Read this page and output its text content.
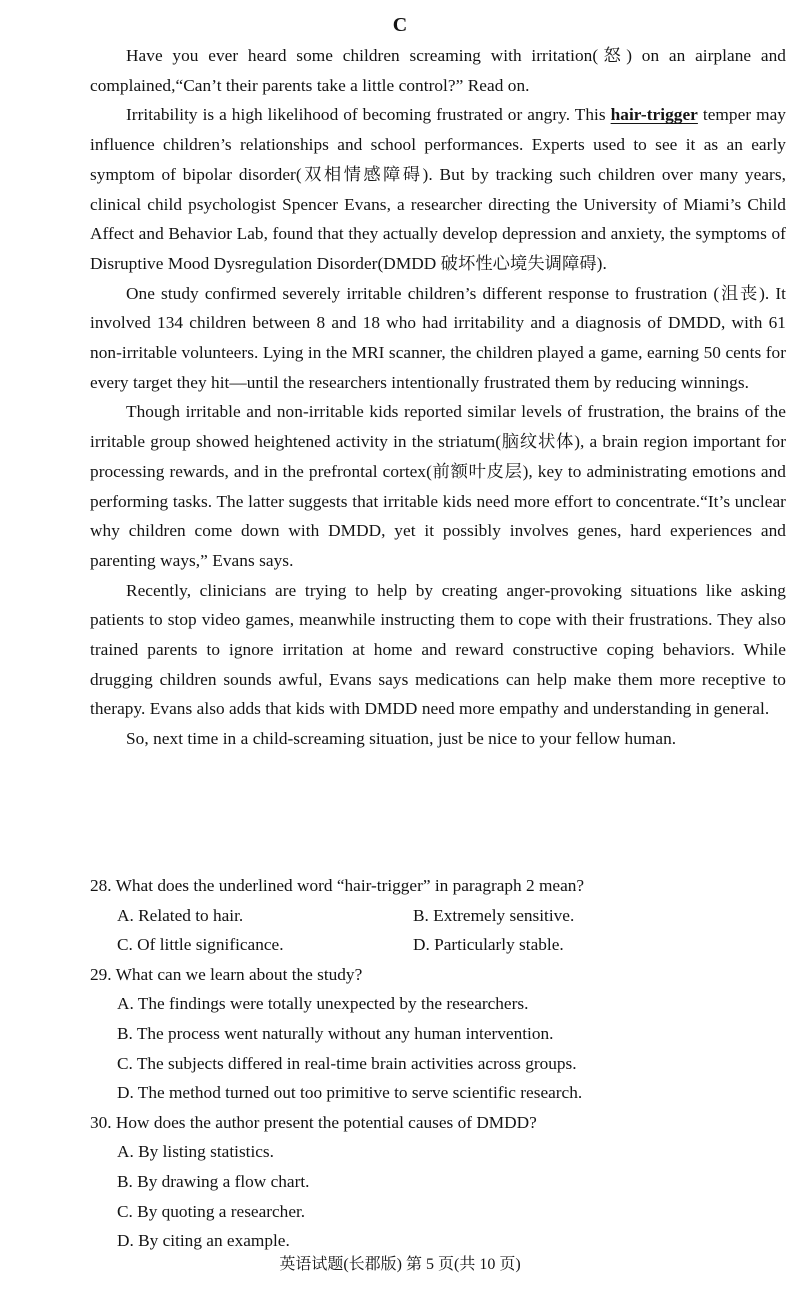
C

Have you ever heard some children screaming with irritation(怒) on an airplane and complained,“Can’t their parents take a little control?” Read on.

Irritability is a high likelihood of becoming frustrated or angry. This hair-trigger temper may influence children’s relationships and school performances. Experts used to see it as an early symptom of bipolar disorder(双相情感障碍). But by tracking such children over many years, clinical child psychologist Spencer Evans, a researcher directing the University of Miami’s Child Affect and Behavior Lab, found that they actually develop depression and anxiety, the symptoms of Disruptive Mood Dysregulation Disorder(DMDD 破坏性心境失调障碍).

One study confirmed severely irritable children’s different response to frustration (沮丧). It involved 134 children between 8 and 18 who had irritability and a diagnosis of DMDD, with 61 non-irritable volunteers. Lying in the MRI scanner, the children played a game, earning 50 cents for every target they hit—until the researchers intentionally frustrated them by reducing winnings.

Though irritable and non-irritable kids reported similar levels of frustration, the brains of the irritable group showed heightened activity in the striatum(脑纹状体), a brain region important for processing rewards, and in the prefrontal cortex(前额叶皮层), key to administrating emotions and performing tasks. The latter suggests that irritable kids need more effort to concentrate.“It’s unclear why children come down with DMDD, yet it possibly involves genes, hard experiences and parenting ways,” Evans says.

Recently, clinicians are trying to help by creating anger-provoking situations like asking patients to stop video games, meanwhile instructing them to cope with their frustrations. They also trained parents to ignore irritation at home and reward constructive coping behaviors. While drugging children sounds awful, Evans says medications can help make them more receptive to therapy. Evans also adds that kids with DMDD need more empathy and understanding in general.

So, next time in a child-screaming situation, just be nice to your fellow human.

28. What does the underlined word “hair-trigger” in paragraph 2 mean?

A. Related to hair.	B. Extremely sensitive.

C. Of little significance.	D. Particularly stable.

29. What can we learn about the study?

A. The findings were totally unexpected by the researchers.

B. The process went naturally without any human intervention.

C. The subjects differed in real-time brain activities across groups.

D. The method turned out too primitive to serve scientific research.

30. How does the author present the potential causes of DMDD?

A. By listing statistics.

B. By drawing a flow chart.

C. By quoting a researcher.

D. By citing an example.

英语试题(长郡版) 第 5 页(共 10 页)
